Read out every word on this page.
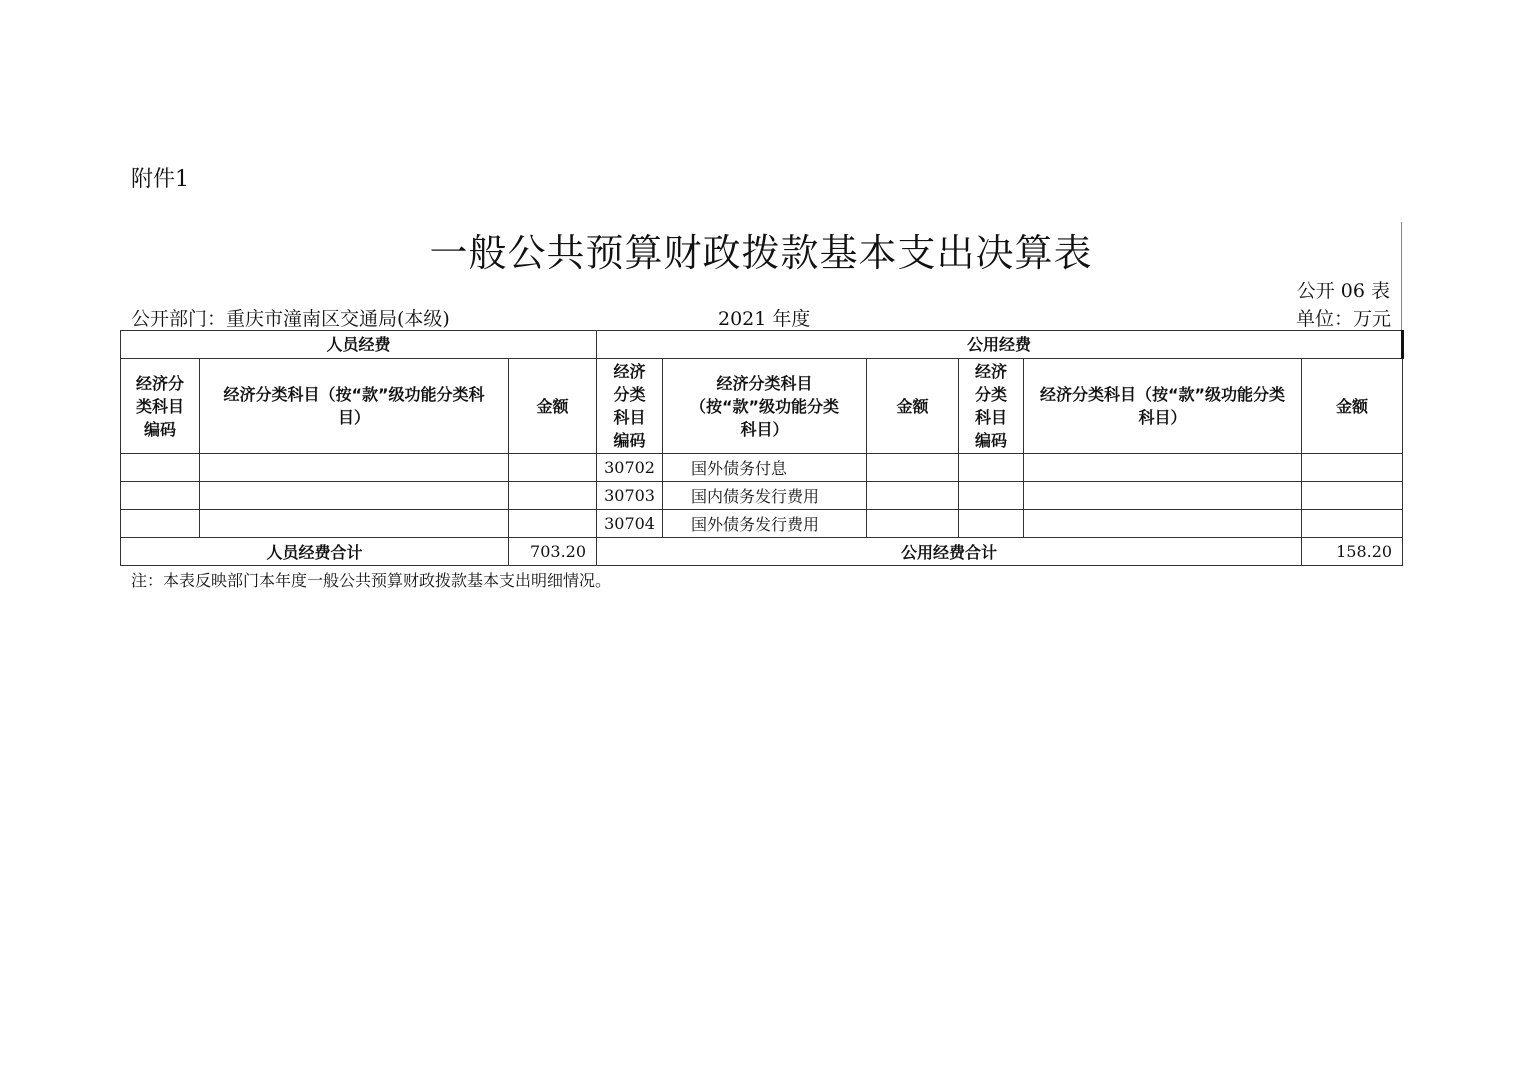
附件1
一般公共预算财政拨款基本支出决算表
公开 06 表
公开部门：重庆市潼南区交通局(本级)	2021 年度	单位：万元
人员经费			公用经费					
经济分类科目编码	经济分类科目（按“款”级功能分类科目）	金额	经济分类科目编码	经济分类科目（按“款”级功能分类科目）	金额	经济分类科目编码	经济分类科目（按“款”级功能分类科目）	金额
			30702	国外债务付息				
			30703	国内债务发行费用				
			30704	国外债务发行费用				
人员经费合计		703.20	公用经费合计					158.20
注：本表反映部门本年度一般公共预算财政拨款基本支出明细情况。
